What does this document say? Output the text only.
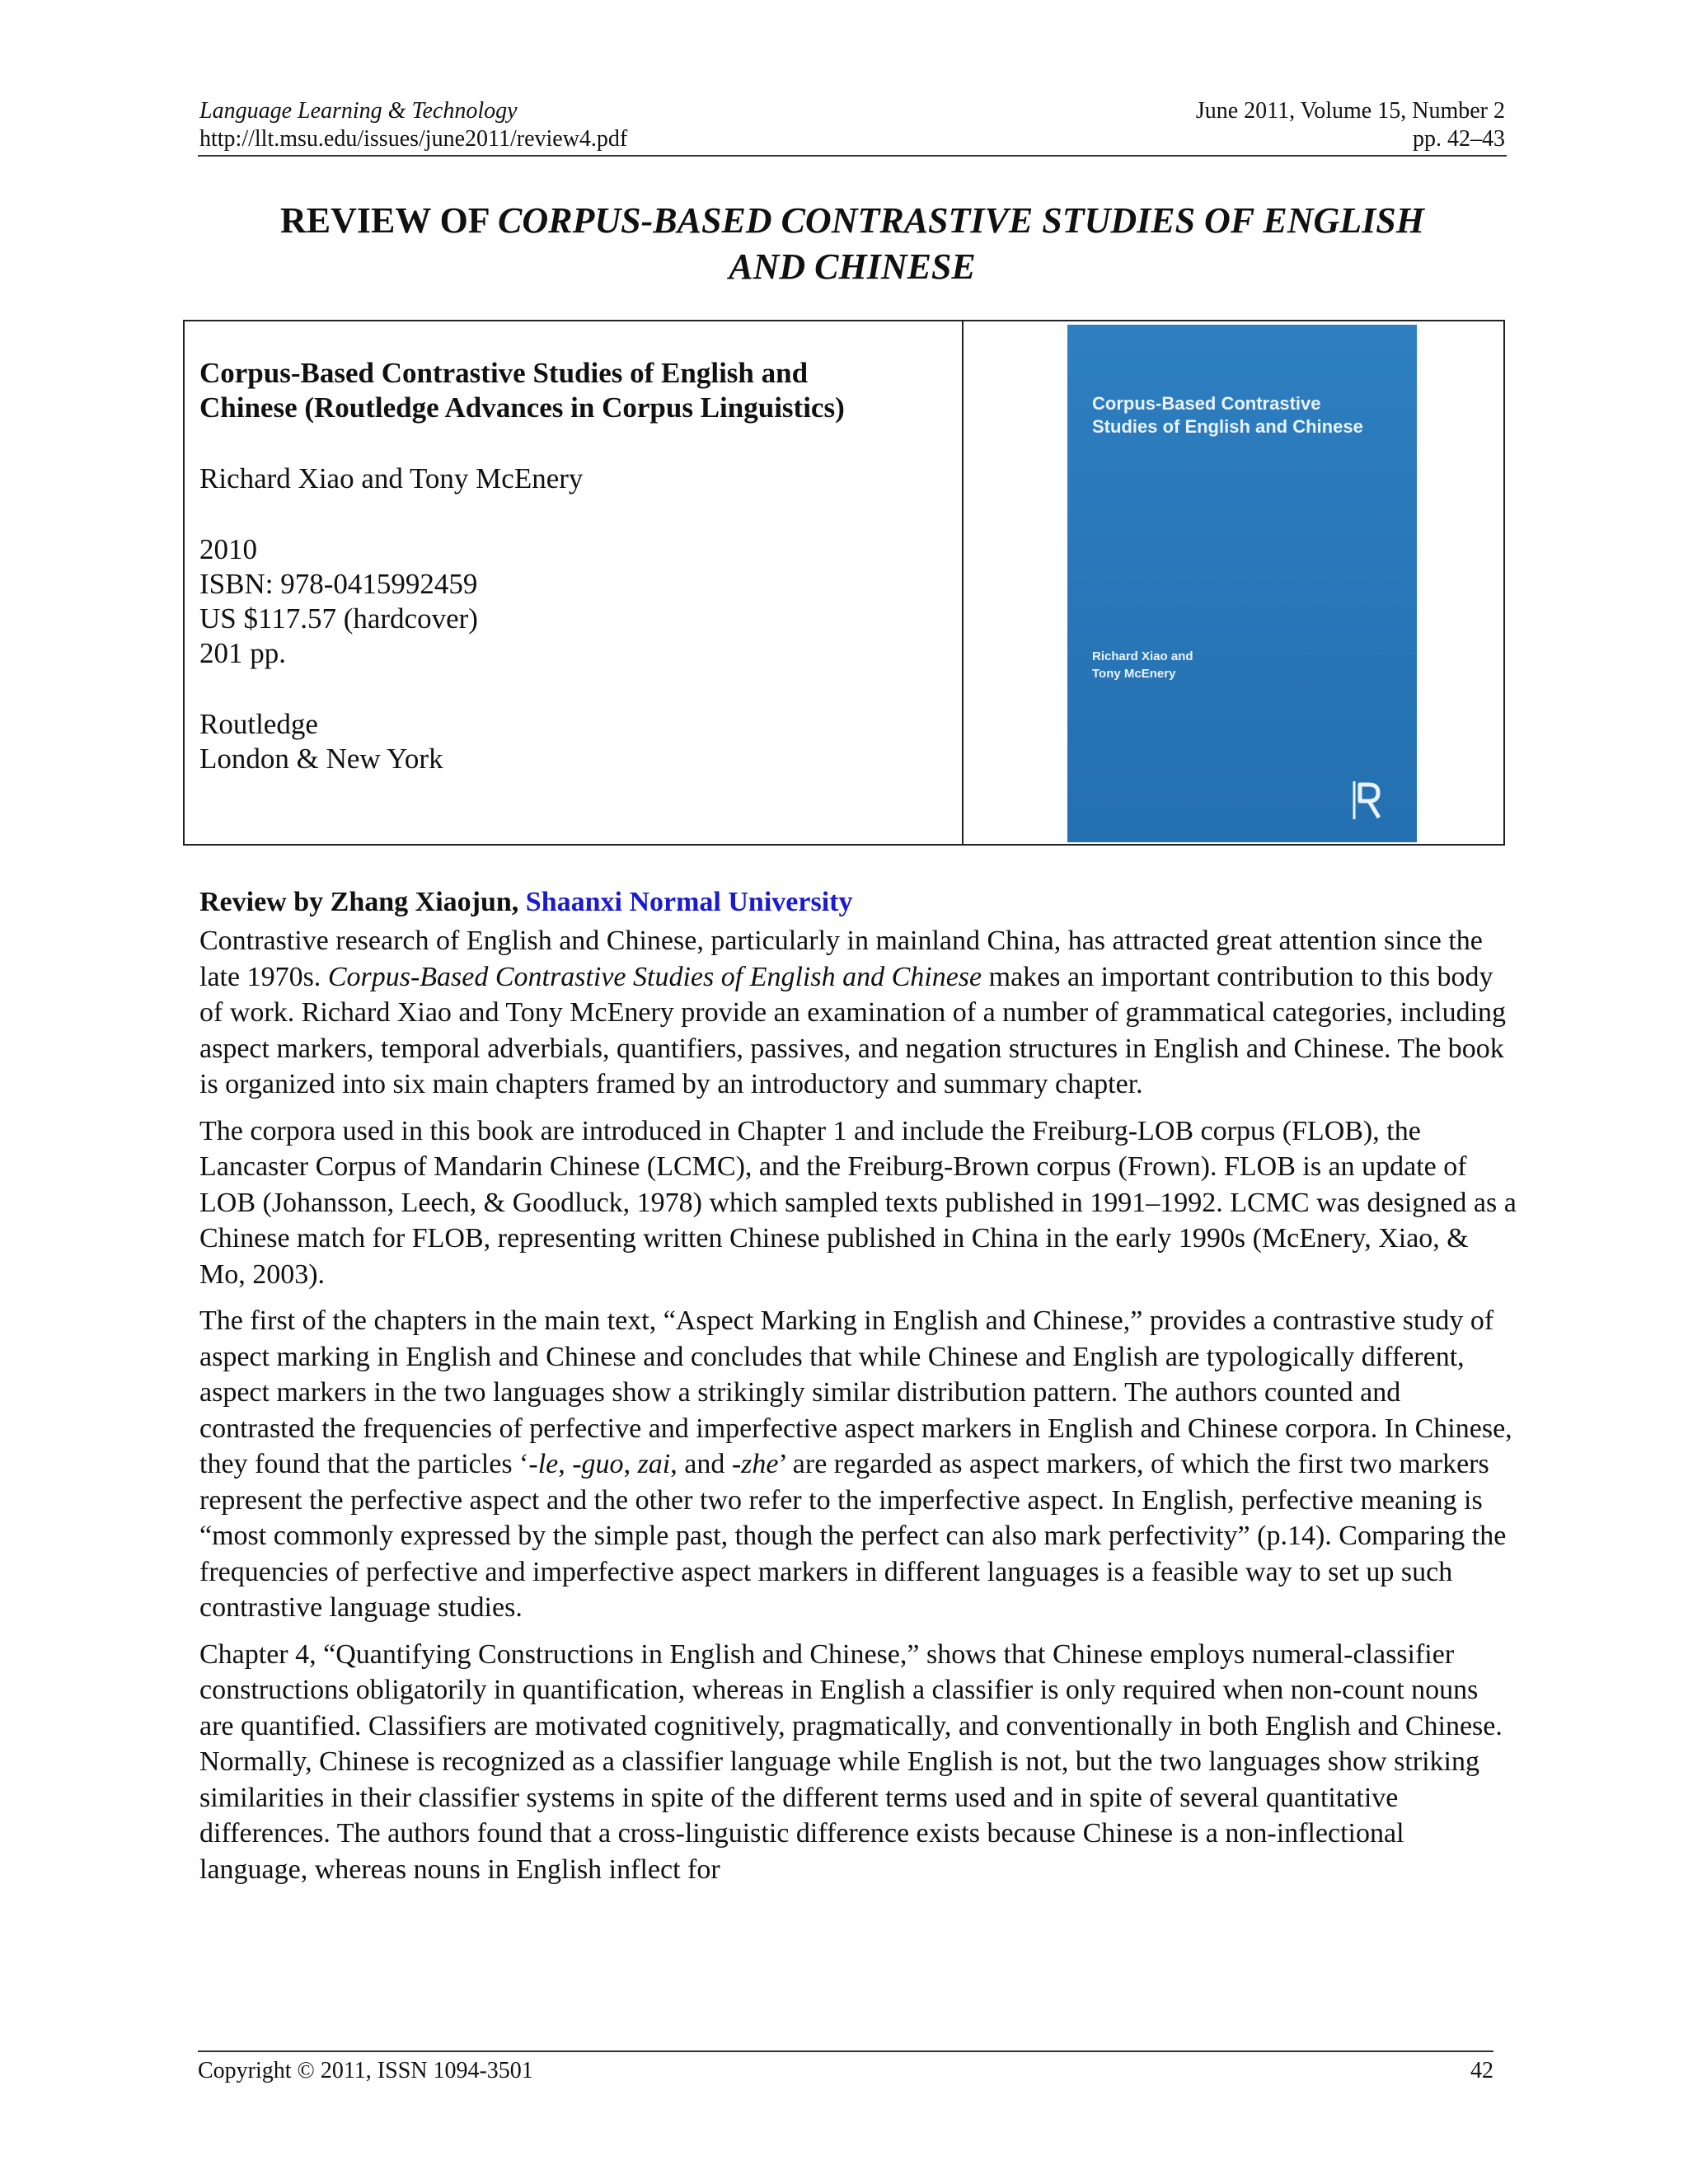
Language Learning & Technology
http://llt.msu.edu/issues/june2011/review4.pdf
June 2011, Volume 15, Number 2
pp. 42–43
REVIEW OF CORPUS-BASED CONTRASTIVE STUDIES OF ENGLISH
AND CHINESE

Corpus-Based Contrastive Studies of English and

Chinese (Routledge Advances in Corpus Linguistics)

Richard Xiao and Tony McEnery

2010

ISBN: 978-0415992459

US $117.57 (hardcover)

201 pp.

Routledge

London & New York

Corpus-Based Contrastive
Studies of English and Chinese
Richard Xiao and
Tony McEnery
Review by Zhang Xiaojun, Shaanxi Normal University

Contrastive research of English and Chinese, particularly in mainland China, has attracted great attention since the late 1970s. Corpus-Based Contrastive Studies of English and Chinese makes an important contribution to this body of work. Richard Xiao and Tony McEnery provide an examination of a number of grammatical categories, including aspect markers, temporal adverbials, quantifiers, passives, and negation structures in English and Chinese. The book is organized into six main chapters framed by an introductory and summary chapter.

The corpora used in this book are introduced in Chapter 1 and include the Freiburg-LOB corpus (FLOB), the Lancaster Corpus of Mandarin Chinese (LCMC), and the Freiburg-Brown corpus (Frown). FLOB is an update of LOB (Johansson, Leech, & Goodluck, 1978) which sampled texts published in 1991–1992. LCMC was designed as a Chinese match for FLOB, representing written Chinese published in China in the early 1990s (McEnery, Xiao, & Mo, 2003).

The first of the chapters in the main text, “Aspect Marking in English and Chinese,” provides a contrastive study of aspect marking in English and Chinese and concludes that while Chinese and English are typologically different, aspect markers in the two languages show a strikingly similar distribution pattern. The authors counted and contrasted the frequencies of perfective and imperfective aspect markers in English and Chinese corpora. In Chinese, they found that the particles ‘-le, -guo, zai, and -zhe’ are regarded as aspect markers, of which the first two markers represent the perfective aspect and the other two refer to the imperfective aspect. In English, perfective meaning is “most commonly expressed by the simple past, though the perfect can also mark perfectivity” (p.14). Comparing the frequencies of perfective and imperfective aspect markers in different languages is a feasible way to set up such contrastive language studies.

Chapter 4, “Quantifying Constructions in English and Chinese,” shows that Chinese employs numeral-classifier constructions obligatorily in quantification, whereas in English a classifier is only required when non-count nouns are quantified. Classifiers are motivated cognitively, pragmatically, and conventionally in both English and Chinese. Normally, Chinese is recognized as a classifier language while English is not, but the two languages show striking similarities in their classifier systems in spite of the different terms used and in spite of several quantitative differences. The authors found that a cross-linguistic difference exists because Chinese is a non-inflectional language, whereas nouns in English inflect for

Copyright © 2011, ISSN 1094-3501	42
